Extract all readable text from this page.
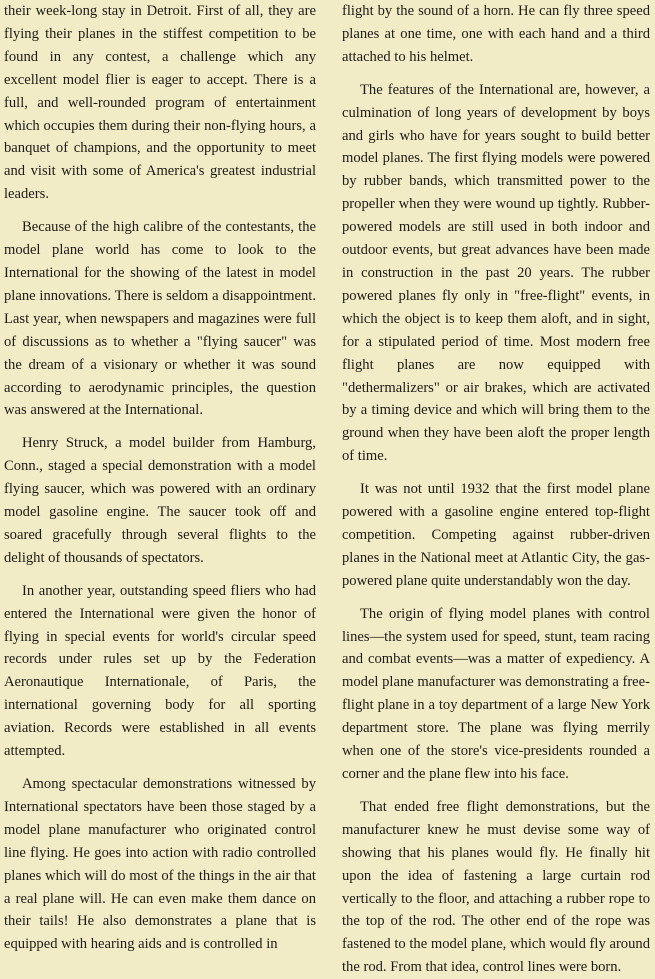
their week-long stay in Detroit. First of all, they are flying their planes in the stiffest competition to be found in any contest, a challenge which any excellent model flier is eager to accept. There is a full, and well-rounded program of entertainment which occupies them during their non-flying hours, a banquet of champions, and the opportunity to meet and visit with some of America's greatest industrial leaders.

Because of the high calibre of the contestants, the model plane world has come to look to the International for the showing of the latest in model plane innovations. There is seldom a disappointment. Last year, when newspapers and magazines were full of discussions as to whether a "flying saucer" was the dream of a visionary or whether it was sound according to aerodynamic principles, the question was answered at the International.

Henry Struck, a model builder from Hamburg, Conn., staged a special demonstration with a model flying saucer, which was powered with an ordinary model gasoline engine. The saucer took off and soared gracefully through several flights to the delight of thousands of spectators.

In another year, outstanding speed fliers who had entered the International were given the honor of flying in special events for world's circular speed records under rules set up by the Federation Aeronautique Internationale, of Paris, the international governing body for all sporting aviation. Records were established in all events attempted.

Among spectacular demonstrations witnessed by International spectators have been those staged by a model plane manufacturer who originated control line flying. He goes into action with radio controlled planes which will do most of the things in the air that a real plane will. He can even make them dance on their tails! He also demonstrates a plane that is equipped with hearing aids and is controlled in

flight by the sound of a horn. He can fly three speed planes at one time, one with each hand and a third attached to his helmet.

The features of the International are, however, a culmination of long years of development by boys and girls who have for years sought to build better model planes. The first flying models were powered by rubber bands, which transmitted power to the propeller when they were wound up tightly. Rubber-powered models are still used in both indoor and outdoor events, but great advances have been made in construction in the past 20 years. The rubber powered planes fly only in "free-flight" events, in which the object is to keep them aloft, and in sight, for a stipulated period of time. Most modern free flight planes are now equipped with "dethermalizers" or air brakes, which are activated by a timing device and which will bring them to the ground when they have been aloft the proper length of time.

It was not until 1932 that the first model plane powered with a gasoline engine entered top-flight competition. Competing against rubber-driven planes in the National meet at Atlantic City, the gas-powered plane quite understandably won the day.

The origin of flying model planes with control lines—the system used for speed, stunt, team racing and combat events—was a matter of expediency. A model plane manufacturer was demonstrating a free-flight plane in a toy department of a large New York department store. The plane was flying merrily when one of the store's vice-presidents rounded a corner and the plane flew into his face.

That ended free flight demonstrations, but the manufacturer knew he must devise some way of showing that his planes would fly. He finally hit upon the idea of fastening a large curtain rod vertically to the floor, and attaching a rubber rope to the top of the rod. The other end of the rope was fastened to the model plane, which would fly around the rod. From that idea, control lines were born.
